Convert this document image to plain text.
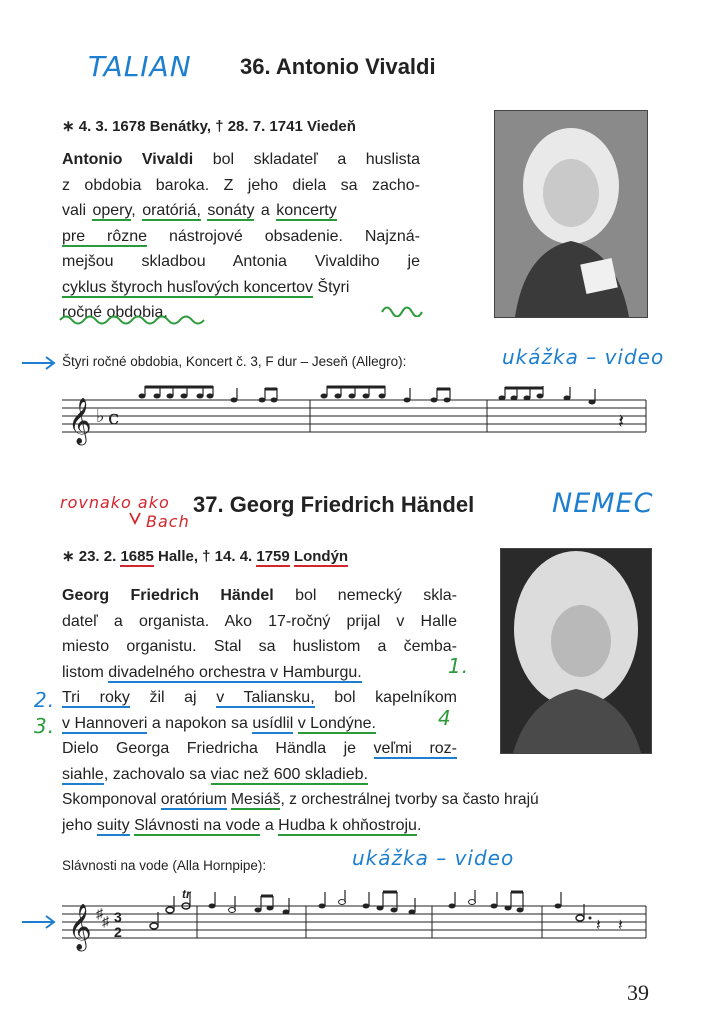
TALIAN 36. Antonio Vivaldi
∗ 4. 3. 1678 Benátky, † 28. 7. 1741 Viedeň

Antonio Vivaldi bol skladateľ a huslista

z obdobia baroka. Z jeho diela sa zacho-

vali opery, oratóriá, sonáty a koncerty

pre rôzne nástrojové obsadenie. Najzná-

mejšou skladbou Antonia Vivaldiho je

cyklus štyroch husľových koncertov Štyri

ročné obdobia.

Štyri ročné obdobia, Koncert č. 3, F dur – Jeseň (Allegro):	ukážka – video
𝄞 ♭ c	𝄽
rovnako ako
Bach
37. Georg Friedrich Händel	NEMEC
∗ 23. 2. 1685 Halle, † 14. 4. 1759 Londýn

Georg Friedrich Händel bol nemecký skla-

dateľ a organista. Ako 17-ročný prijal v Halle

miesto organistu. Stal sa huslistom a čemba-

listom divadelného orchestra v Hamburgu.

Tri roky žil aj v Taliansku, bol kapelníkom

v Hannoveri a napokon sa usídlil v Londýne.

Dielo Georga Friedricha Händla je veľmi roz-

siahle, zachovalo sa viac než 600 skladieb.

Skomponoval oratórium Mesiáš, z orchestrálnej tvorby sa často hrajú

jeho suity Slávnosti na vode a Hudba k ohňostroju.

1.
2.
3.	4
Slávnosti na vode (Alla Hornpipe):	ukážka – video
𝄞 ♯ ♯ 3
2
tr
𝄽 𝄽
39
